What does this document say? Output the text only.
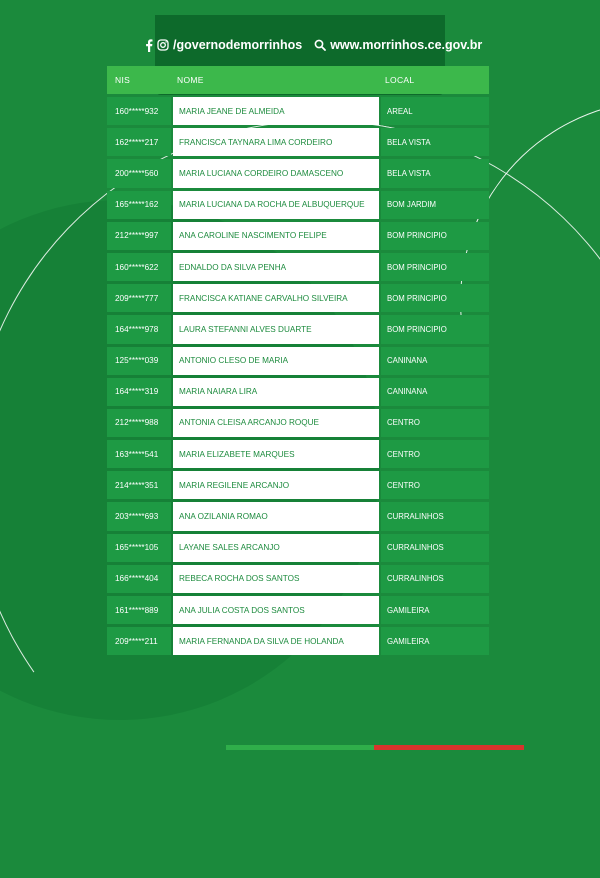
/governodemorrinhos www.morrinhos.ce.gov.br
NIS	NOME	LOCAL
160*****932	MARIA JEANE DE ALMEIDA	AREAL
162*****217	FRANCISCA TAYNARA LIMA CORDEIRO	BELA VISTA
200*****560	MARIA LUCIANA CORDEIRO DAMASCENO	BELA VISTA
165*****162	MARIA LUCIANA DA ROCHA DE ALBUQUERQUE	BOM JARDIM
212*****997	ANA CAROLINE NASCIMENTO FELIPE	BOM PRINCIPIO
160*****622	EDNALDO DA SILVA PENHA	BOM PRINCIPIO
209*****777	FRANCISCA KATIANE CARVALHO SILVEIRA	BOM PRINCIPIO
164*****978	LAURA STEFANNI ALVES DUARTE	BOM PRINCIPIO
125*****039	ANTONIO CLESO DE MARIA	CANINANA
164*****319	MARIA NAIARA LIRA	CANINANA
212*****988	ANTONIA CLEISA ARCANJO ROQUE	CENTRO
163*****541	MARIA ELIZABETE MARQUES	CENTRO
214*****351	MARIA REGILENE ARCANJO	CENTRO
203*****693	ANA OZILANIA ROMAO	CURRALINHOS
165*****105	LAYANE SALES ARCANJO	CURRALINHOS
166*****404	REBECA ROCHA DOS SANTOS	CURRALINHOS
161*****889	ANA JULIA COSTA DOS SANTOS	GAMILEIRA
209*****211	MARIA FERNANDA DA SILVA DE HOLANDA	GAMILEIRA
